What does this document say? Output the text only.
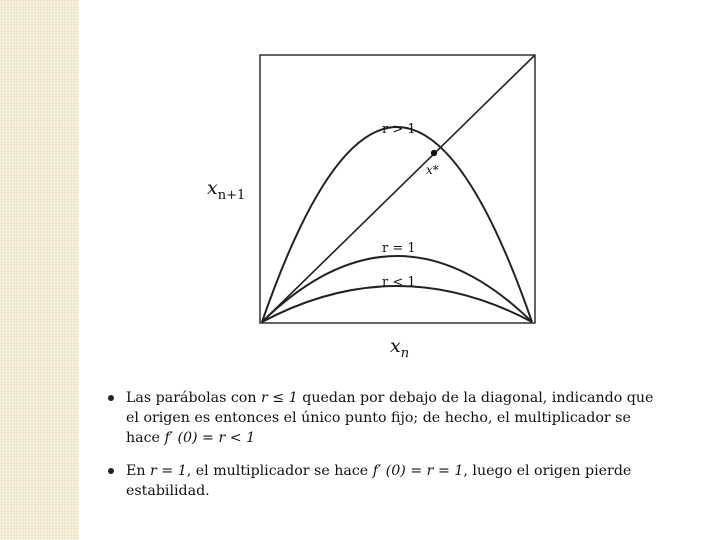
r > 1
r = 1
r < 1
x*
$x_{n+1}$
$x_n$
Las parábolas con r ≤ 1 quedan por debajo de la diagonal, indicando que el origen es entonces el único punto fijo; de hecho, el multiplicador se hace f′ (0) = r < 1
En r = 1, el multiplicador se hace f′ (0) = r = 1, luego el origen pierde estabilidad.
